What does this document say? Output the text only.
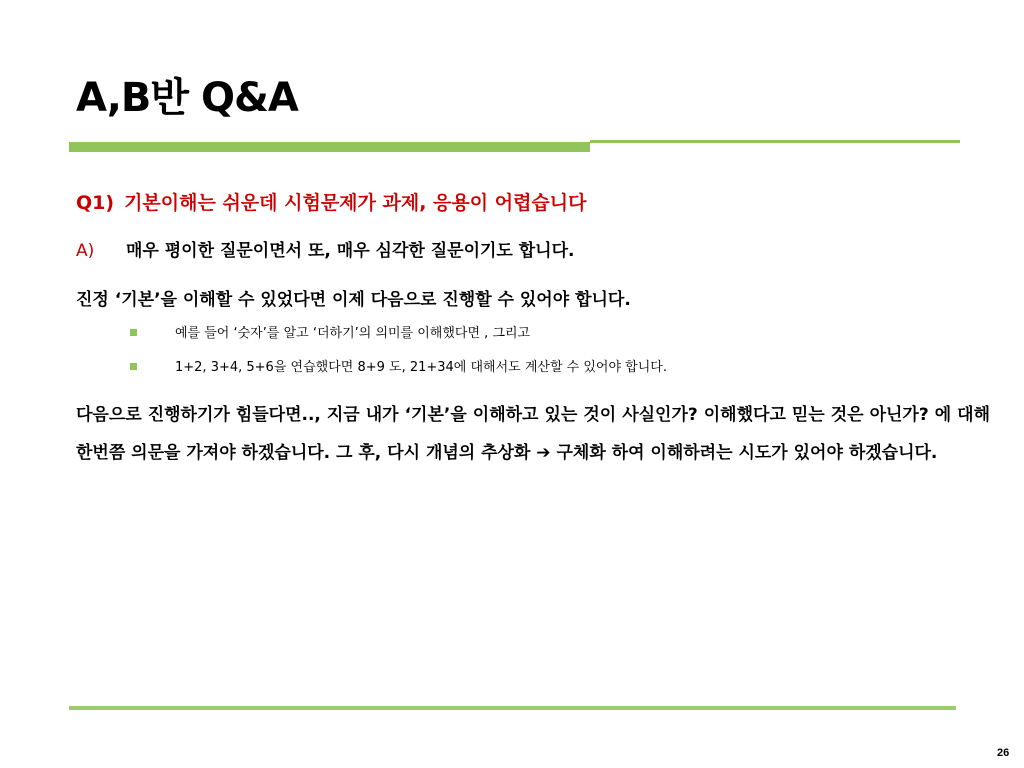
A,B반 Q&A
Q1) 기본이해는 쉬운데 시험문제가 과제, 응용이 어렵습니다
A) 매우 평이한 질문이면서 또, 매우 심각한 질문이기도 합니다.
진정 ‘기본’을 이해할 수 있었다면 이제 다음으로 진행할 수 있어야 합니다.
예를 들어 ‘숫자’를 알고 ‘더하기’의 의미를 이해했다면 , 그리고
1+2, 3+4, 5+6을 연습했다면 8+9 도, 21+34에 대해서도 계산할 수 있어야 합니다.
다음으로 진행하기가 힘들다면.., 지금 내가 ‘기본’을 이해하고 있는 것이 사실인가? 이해했다고 믿는 것은 아닌가? 에 대해 한번쯤 의문을 가져야 하겠습니다. 그 후, 다시 개념의 추상화 ➔ 구체화 하여 이해하려는 시도가 있어야 하겠습니다.
26
